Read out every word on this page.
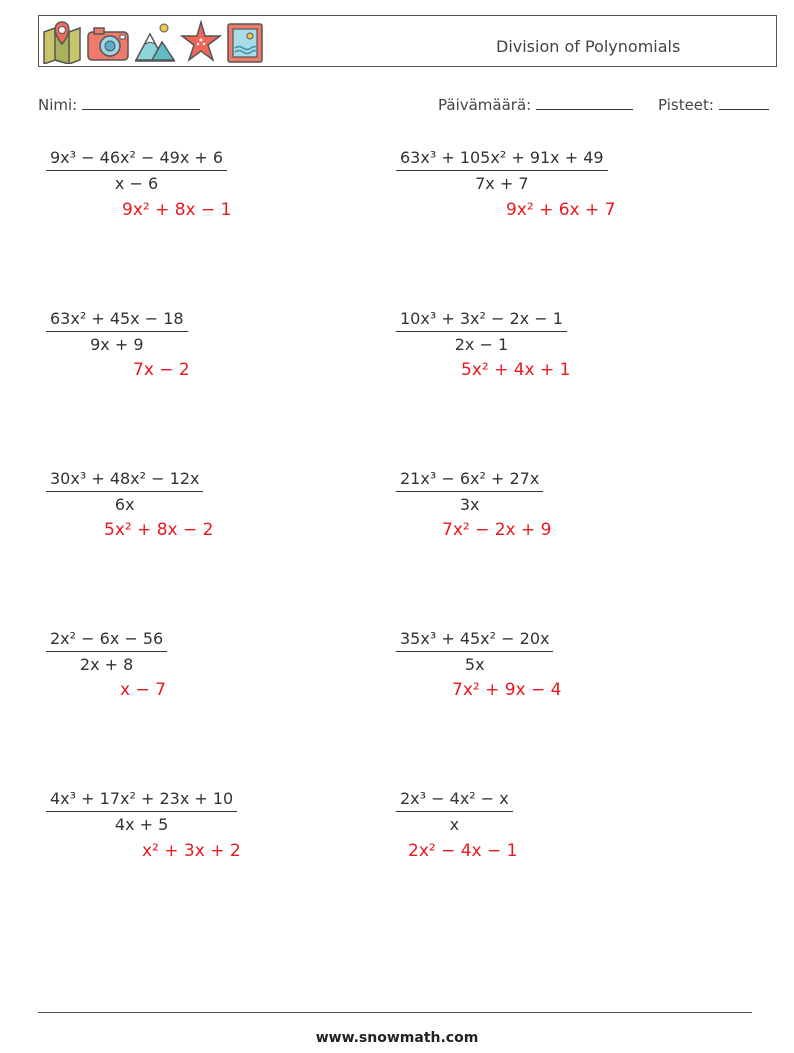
Division of Polynomials
Nimi:	Päivämäärä:	Pisteet:
$\frac{\text{9x³ − 46x² − 49x + 6}}{x - 6}$
9x² + 8x − 1
$\frac{\text{63x³ + 105x² + 91x + 49}}{7x + 7}$
9x² + 6x + 7
$\frac{\text{63x² + 45x − 18}}{9x + 9}$
7x − 2
$\frac{\text{10x³ + 3x² − 2x − 1}}{2x - 1}$
5x² + 4x + 1
$\frac{\text{30x³ + 48x² − 12x}}{6x}$
5x² + 8x − 2
$\frac{\text{21x³ − 6x² + 27x}}{3x}$
7x² − 2x + 9
$\frac{\text{2x² − 6x − 56}}{2x + 8}$
x − 7
$\frac{\text{35x³ + 45x² − 20x}}{5x}$
7x² + 9x − 4
$\frac{\text{4x³ + 17x² + 23x + 10}}{4x + 5}$
x² + 3x + 2
$\frac{\text{2x³ − 4x² − x}}{x}$
2x² − 4x − 1
www.snowmath.com
